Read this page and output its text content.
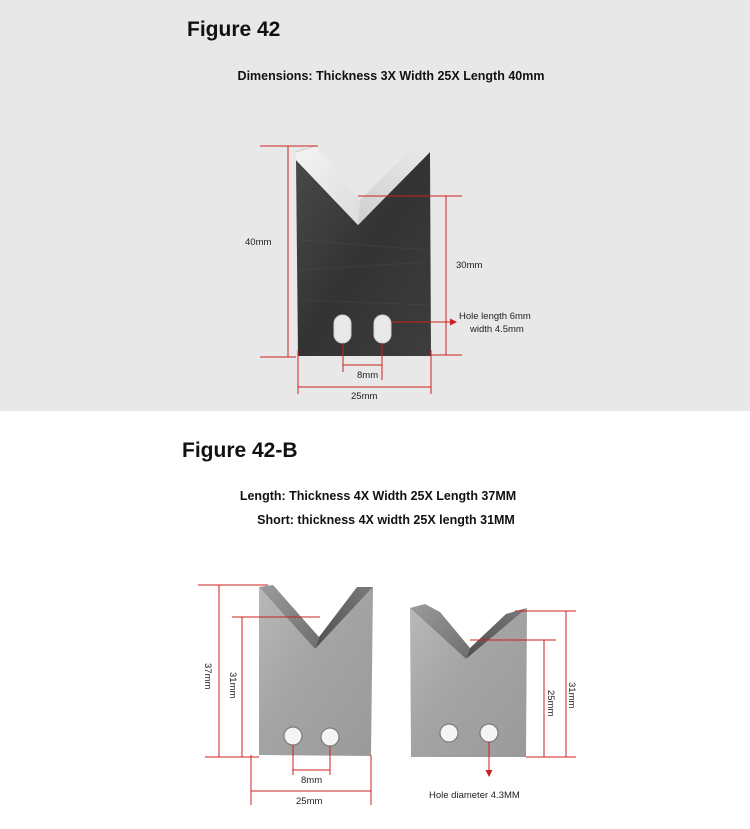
Figure 42
Dimensions: Thickness 3X Width 25X Length 40mm
40mm
30mm
Hole length 6mm
width 4.5mm
8mm
25mm
Figure 42-B
Length: Thickness 4X Width 25X Length 37MM
Short: thickness 4X width 25X length 31MM
37mm 31mm
25mm 31mm
8mm
25mm
Hole diameter 4.3MM
